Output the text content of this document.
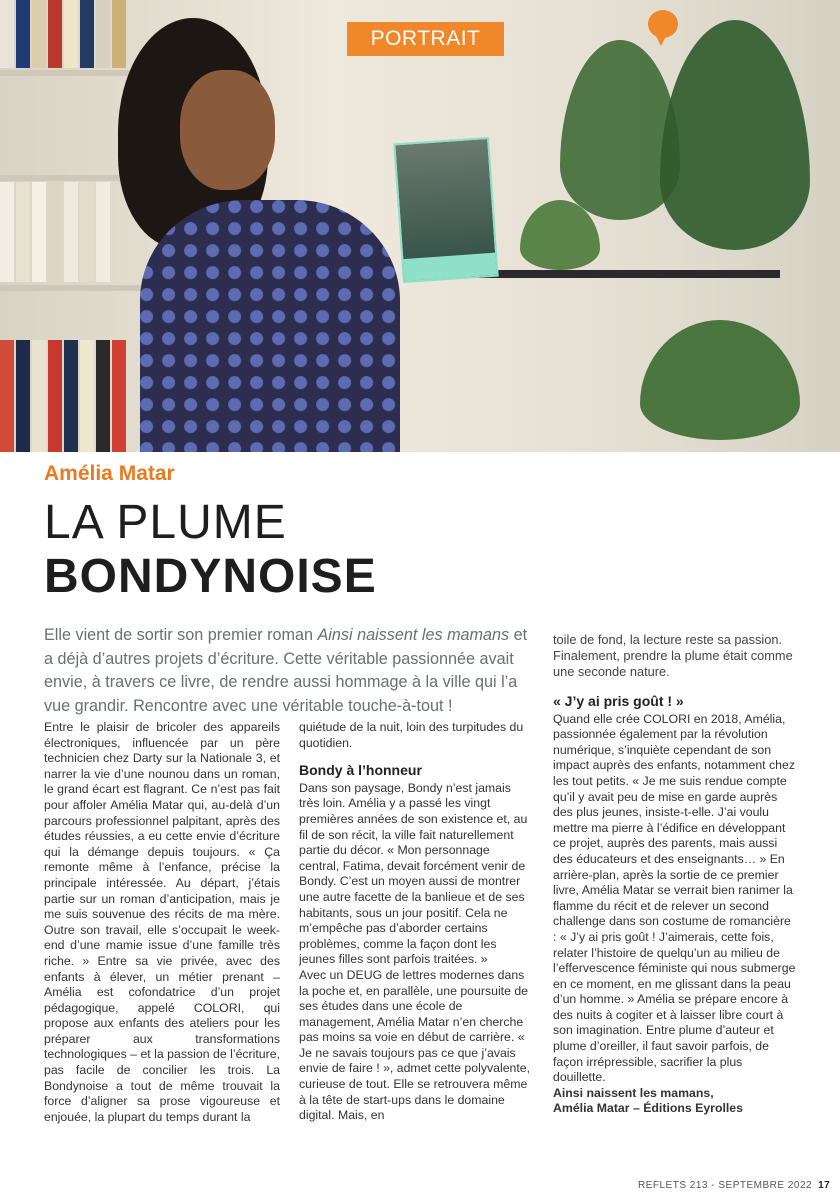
PORTRAIT
Amélia Matar
LA PLUME
BONDYNOISE
Elle vient de sortir son premier roman Ainsi naissent les mamans et a déjà d’autres projets d’écriture. Cette véritable passionnée avait envie, à travers ce livre, de rendre aussi hommage à la ville qui l’a vue grandir. Rencontre avec une véritable touche-à-tout !

Entre le plaisir de bricoler des appareils électroniques, influencée par un père technicien chez Darty sur la Nationale 3, et narrer la vie d’une nounou dans un roman, le grand écart est flagrant. Ce n’est pas fait pour affoler Amélia Matar qui, au-delà d’un parcours professionnel palpitant, après des études réussies, a eu cette envie d’écriture qui la démange depuis toujours. « Ça remonte même à l’enfance, précise la principale intéressée. Au départ, j’étais partie sur un roman d’anticipation, mais je me suis souvenue des récits de ma mère. Outre son travail, elle s’occupait le week-end d’une mamie issue d’une famille très riche. » Entre sa vie privée, avec des enfants à élever, un métier prenant – Amélia est cofondatrice d’un projet pédagogique, appelé COLORI, qui propose aux enfants des ateliers pour les préparer aux transformations technologiques – et la passion de l’écriture, pas facile de concilier les trois. La Bondynoise a tout de même trouvait la force d’aligner sa prose vigoureuse et enjouée, la plupart du temps durant la

quiétude de la nuit, loin des turpitudes du quotidien.

Bondy à l’honneur

Dans son paysage, Bondy n’est jamais très loin. Amélia y a passé les vingt premières années de son existence et, au fil de son récit, la ville fait naturellement partie du décor. « Mon personnage central, Fatima, devait forcément venir de Bondy. C’est un moyen aussi de montrer une autre facette de la banlieue et de ses habitants, sous un jour positif. Cela ne m’empêche pas d’aborder certains problèmes, comme la façon dont les jeunes filles sont parfois traitées. »

Avec un DEUG de lettres modernes dans la poche et, en parallèle, une poursuite de ses études dans une école de management, Amélia Matar n’en cherche pas moins sa voie en début de carrière. « Je ne savais toujours pas ce que j’avais envie de faire ! », admet cette polyvalente, curieuse de tout. Elle se retrouvera même à la tête de start-ups dans le domaine digital. Mais, en

toile de fond, la lecture reste sa passion. Finalement, prendre la plume était comme une seconde nature.

« J’y ai pris goût ! »

Quand elle crée COLORI en 2018, Amélia, passionnée également par la révolution numérique, s’inquiète cependant de son impact auprès des enfants, notamment chez les tout petits. « Je me suis rendue compte qu’il y avait peu de mise en garde auprès des plus jeunes, insiste-t-elle. J’ai voulu mettre ma pierre à l’édifice en développant ce projet, auprès des parents, mais aussi des éducateurs et des enseignants… » En arrière-plan, après la sortie de ce premier livre, Amélia Matar se verrait bien ranimer la flamme du récit et de relever un second challenge dans son costume de romancière : « J’y ai pris goût ! J’aimerais, cette fois, relater l’histoire de quelqu’un au milieu de l’effervescence féministe qui nous submerge en ce moment, en me glissant dans la peau d’un homme. » Amélia se prépare encore à des nuits à cogiter et à laisser libre court à son imagination. Entre plume d’auteur et plume d’oreiller, il faut savoir parfois, de façon irrépressible, sacrifier la plus douillette.

Ainsi naissent les mamans,
Amélia Matar – Éditions Eyrolles

REFLETS 213 - SEPTEMBRE 2022 17
